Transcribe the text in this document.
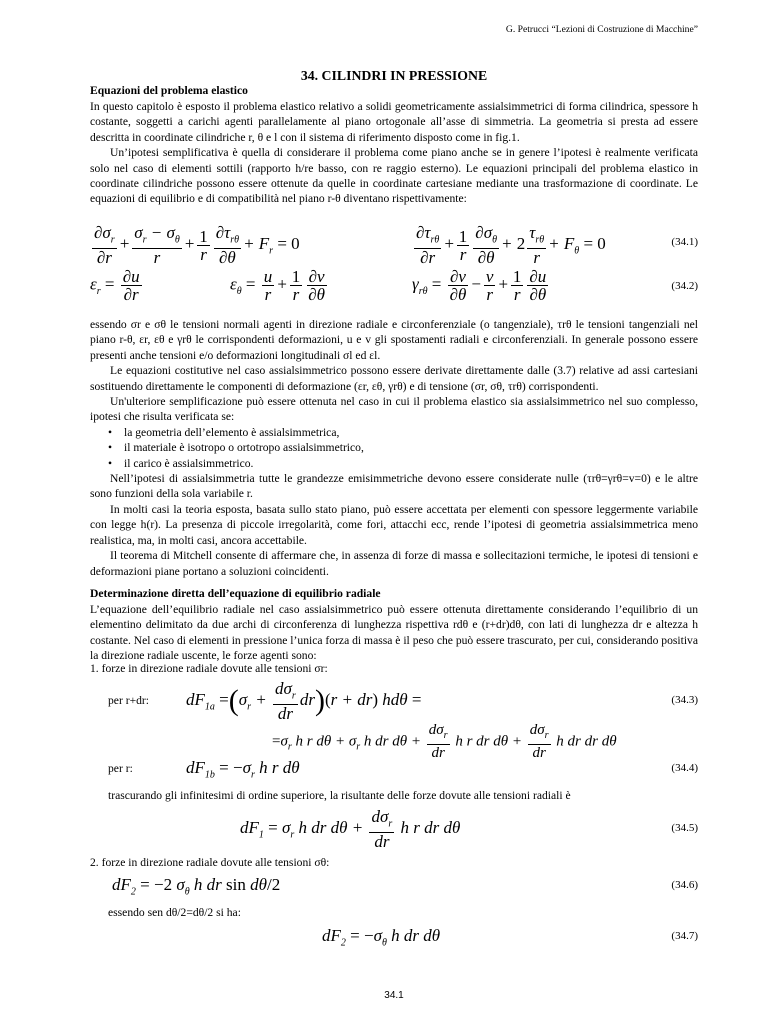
G. Petrucci “Lezioni di Costruzione di Macchine”
34. CILINDRI IN PRESSIONE
Equazioni del problema elastico

In questo capitolo è esposto il problema elastico relativo a solidi geometricamente assialsimmetrici di forma cilindrica, spessore h costante, soggetti a carichi agenti parallelamente al piano ortogonale all’asse di simmetria. La geometria si presta ad essere descritta in coordinate cilindriche r, θ e l con il sistema di riferimento disposto come in fig.1.

Un’ipotesi semplificativa è quella di considerare il problema come piano anche se in genere l’ipotesi è realmente verificata solo nel caso di elementi sottili (rapporto h/re basso, con re raggio esterno). Le equazioni principali del problema elastico in coordinate cilindriche possono essere ottenute da quelle in coordinate cartesiane mediante una trasformazione di coordinate. Le equazioni di equilibrio e di compatibilità nel piano r-θ diventano rispettivamente:

$\frac{\partial\sigma_r}{\partial r} + \frac{\sigma_r - \sigma_\theta}{r} + \frac{1}{r} \frac{\partial\tau_{r\theta}}{\partial\theta} + F_r = 0$	$\frac{\partial\tau_{r\theta}}{\partial r} + \frac{1}{r} \frac{\partial\sigma_\theta}{\partial\theta} + 2 \frac{\tau_{r\theta}}{r} + F_\theta = 0$	(34.1)
$\varepsilon_r = \frac{\partial u}{\partial r}$	$\varepsilon_\theta = \frac{u}{r} + \frac{1}{r} \frac{\partial v}{\partial\theta}$	$\gamma_{r\theta} = \frac{\partial v}{\partial\theta} - \frac{v}{r} + \frac{1}{r} \frac{\partial u}{\partial\theta}$	(34.2)

essendo σr e σθ le tensioni normali agenti in direzione radiale e circonferenziale (o tangenziale), τrθ le tensioni tangenziali nel piano r-θ, εr, εθ e γrθ le corrispondenti deformazioni, u e v gli spostamenti radiali e circonferenziali. In generale possono essere presenti anche tensioni e/o deformazioni longitudinali σl ed εl.

Le equazioni costitutive nel caso assialsimmetrico possono essere derivate direttamente dalle (3.7) relative ad assi cartesiani sostituendo direttamente le componenti di deformazione (εr, εθ, γrθ) e di tensione (σr, σθ, τrθ) corrispondenti.

Un'ulteriore semplificazione può essere ottenuta nel caso in cui il problema elastico sia assialsimmetrico nel suo complesso, ipotesi che risulta verificata se:

• la geometria dell’elemento è assialsimmetrica,
• il materiale è isotropo o ortotropo assialsimmetrico,
• il carico è assialsimmetrico.

Nell’ipotesi di assialsimmetria tutte le grandezze emisimmetriche devono essere considerate nulle (τrθ=γrθ=v=0) e le altre sono funzioni della sola variabile r.

In molti casi la teoria esposta, basata sullo stato piano, può essere accettata per elementi con spessore leggermente variabile con legge h(r). La presenza di piccole irregolarità, come fori, attacchi ecc, rende l’ipotesi di geometria assialsimmetrica meno realistica, ma, in molti casi, ancora accettabile.

Il teorema di Mitchell consente di affermare che, in assenza di forze di massa e sollecitazioni termiche, le ipotesi di tensioni e deformazioni piane portano a soluzioni coincidenti.

Determinazione diretta dell’equazione di equilibrio radiale
L’equazione dell’equilibrio radiale nel caso assialsimmetrico può essere ottenuta direttamente considerando l’equilibrio di un elementino delimitato da due archi di circonferenza di lunghezza rispettiva rdθ e (r+dr)dθ, con lati di lunghezza dr e altezza h costante. Nel caso di elementi in pressione l’unica forza di massa è il peso che può essere trascurato, per cui, considerando positiva la direzione radiale uscente, le forze agenti sono:
1. forze in direzione radiale dovute alle tensioni σr:
per r+dr: $dF_{1a} =(\sigma_r + \frac{d\sigma_r}{dr} dr)(r + dr) hd\theta$ =	(34.3)
$=\sigma_r$ h r $d\theta + \sigma_r$ h dr $d\theta + \frac{d\sigma_r}{dr}$ h r dr $d\theta + \frac{d\sigma_r}{dr}$ h dr dr dθ
per r:	$dF_{1b} = -\sigma_r$ h r dθ	(34.4)
trascurando gli infinitesimi di ordine superiore, la risultante delle forze dovute alle tensioni radiali è
$dF_1 = \sigma_r$ h dr $d\theta + \frac{d\sigma_r}{dr}$ h r dr dθ	(34.5)
2. forze in direzione radiale dovute alle tensioni σθ:
$dF_2 = -2$ $\sigma_\theta$ h dr sin dθ/2	(34.6)
essendo sen dθ/2=dθ/2 si ha:
$dF_2 = -\sigma_\theta$ h dr dθ	(34.7)
34.1
